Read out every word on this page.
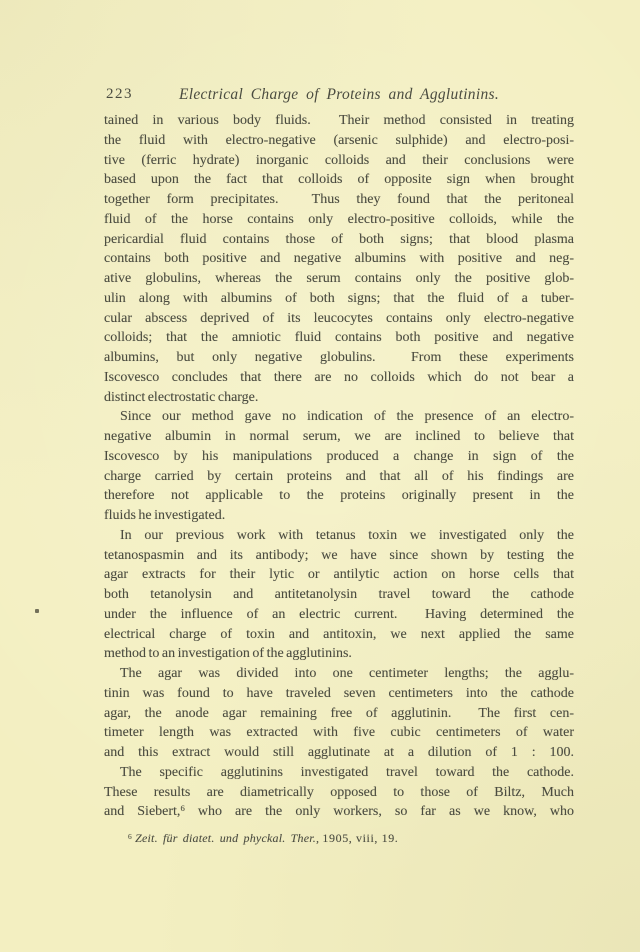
223	Electrical Charge of Proteins and Agglutinins.
tained in various body fluids.  Their method consisted in treating
the fluid with electro-negative (arsenic sulphide) and electro-posi-
tive (ferric hydrate) inorganic colloids and their conclusions were
based upon the fact that colloids of opposite sign when brought
together form precipitates.  Thus they found that the peritoneal
fluid of the horse contains only electro-positive colloids, while the
pericardial fluid contains those of both signs; that blood plasma
contains both positive and negative albumins with positive and neg-
ative globulins, whereas the serum contains only the positive glob-
ulin along with albumins of both signs; that the fluid of a tuber-
cular abscess deprived of its leucocytes contains only electro-negative
colloids; that the amniotic fluid contains both positive and negative
albumins, but only negative globulins.  From these experiments
Iscovesco concludes that there are no colloids which do not bear a
distinct electrostatic charge.
Since our method gave no indication of the presence of an electro-
negative albumin in normal serum, we are inclined to believe that
Iscovesco by his manipulations produced a change in sign of the
charge carried by certain proteins and that all of his findings are
therefore not applicable to the proteins originally present in the
fluids he investigated.
In our previous work with tetanus toxin we investigated only the
tetanospasmin and its antibody; we have since shown by testing the
agar extracts for their lytic or antilytic action on horse cells that
both tetanolysin and antitetanolysin travel toward the cathode
under the influence of an electric current.  Having determined the
electrical charge of toxin and antitoxin, we next applied the same
method to an investigation of the agglutinins.
The agar was divided into one centimeter lengths; the agglu-
tinin was found to have traveled seven centimeters into the cathode
agar, the anode agar remaining free of agglutinin.  The first cen-
timeter length was extracted with five cubic centimeters of water
and this extract would still agglutinate at a dilution of 1 : 100.
The specific agglutinins investigated travel toward the cathode.
These results are diametrically opposed to those of Biltz, Much
and Siebert,$^6$ who are the only workers, so far as we know, who
$^6$ Zeit. für diatet. und phyckal. Ther., 1905, viii, 19.
